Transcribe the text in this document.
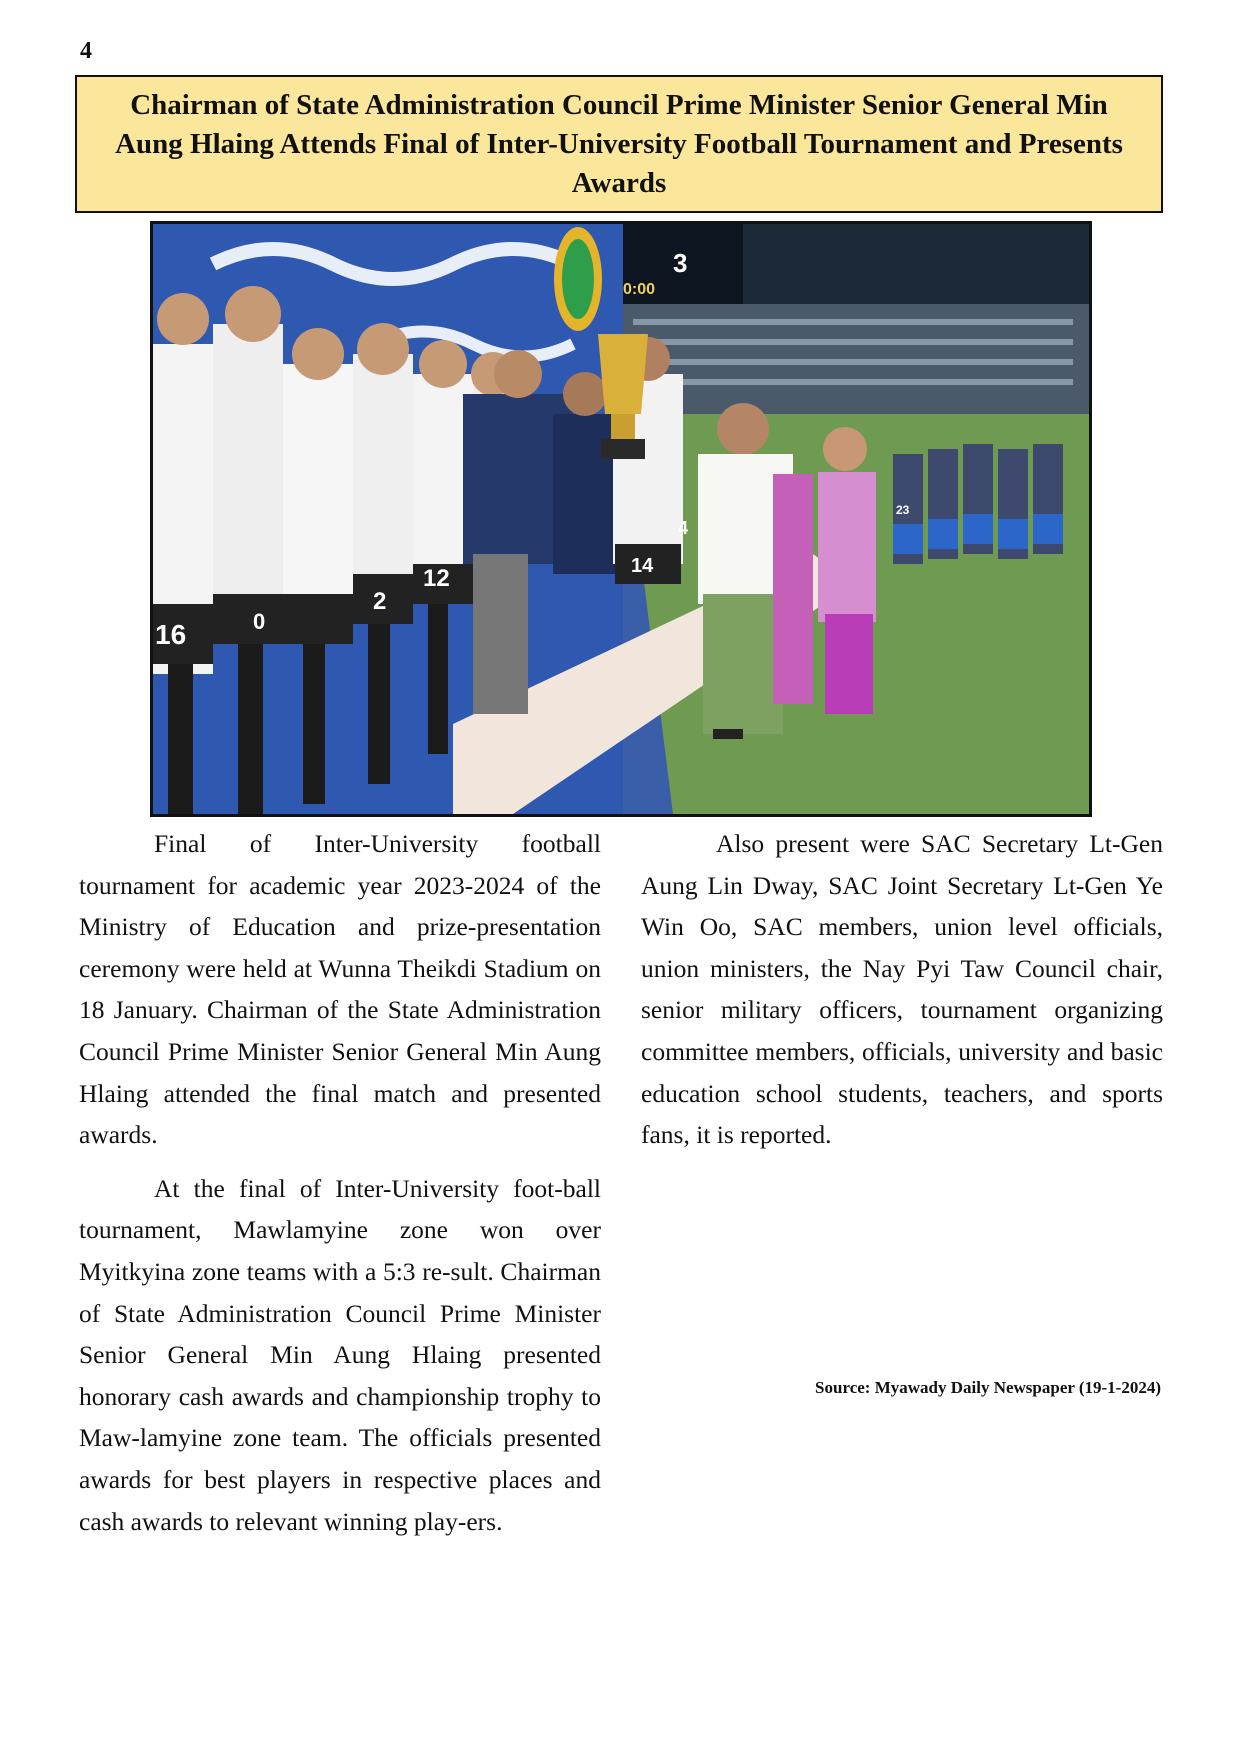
4
Chairman of State Administration Council Prime Minister Senior General Min Aung Hlaing Attends Final of Inter-University Football Tournament and Presents Awards
3
0:00
16	0
2
12	14
4
23

Final of Inter-University football tournament for academic year 2023-2024 of the Ministry of Education and prize-presentation ceremony were held at Wunna Theikdi Stadium on 18 January. Chairman of the State Administration Council Prime Minister Senior General Min Aung Hlaing attended the final match and presented awards.

At the final of Inter-University foot-ball tournament, Mawlamyine zone won over Myitkyina zone teams with a 5:3 re-sult. Chairman of State Administration Council Prime Minister Senior General Min Aung Hlaing presented honorary cash awards and championship trophy to Maw-lamyine zone team. The officials presented awards for best players in respective places and cash awards to relevant winning play-ers.

Also present were SAC Secretary Lt-Gen Aung Lin Dway, SAC Joint Secretary Lt-Gen Ye Win Oo, SAC members, union level officials, union ministers, the Nay Pyi Taw Council chair, senior military officers, tournament organizing committee members, officials, university and basic education school students, teachers, and sports fans, it is reported.

Source: Myawady Daily Newspaper (19-1-2024)
